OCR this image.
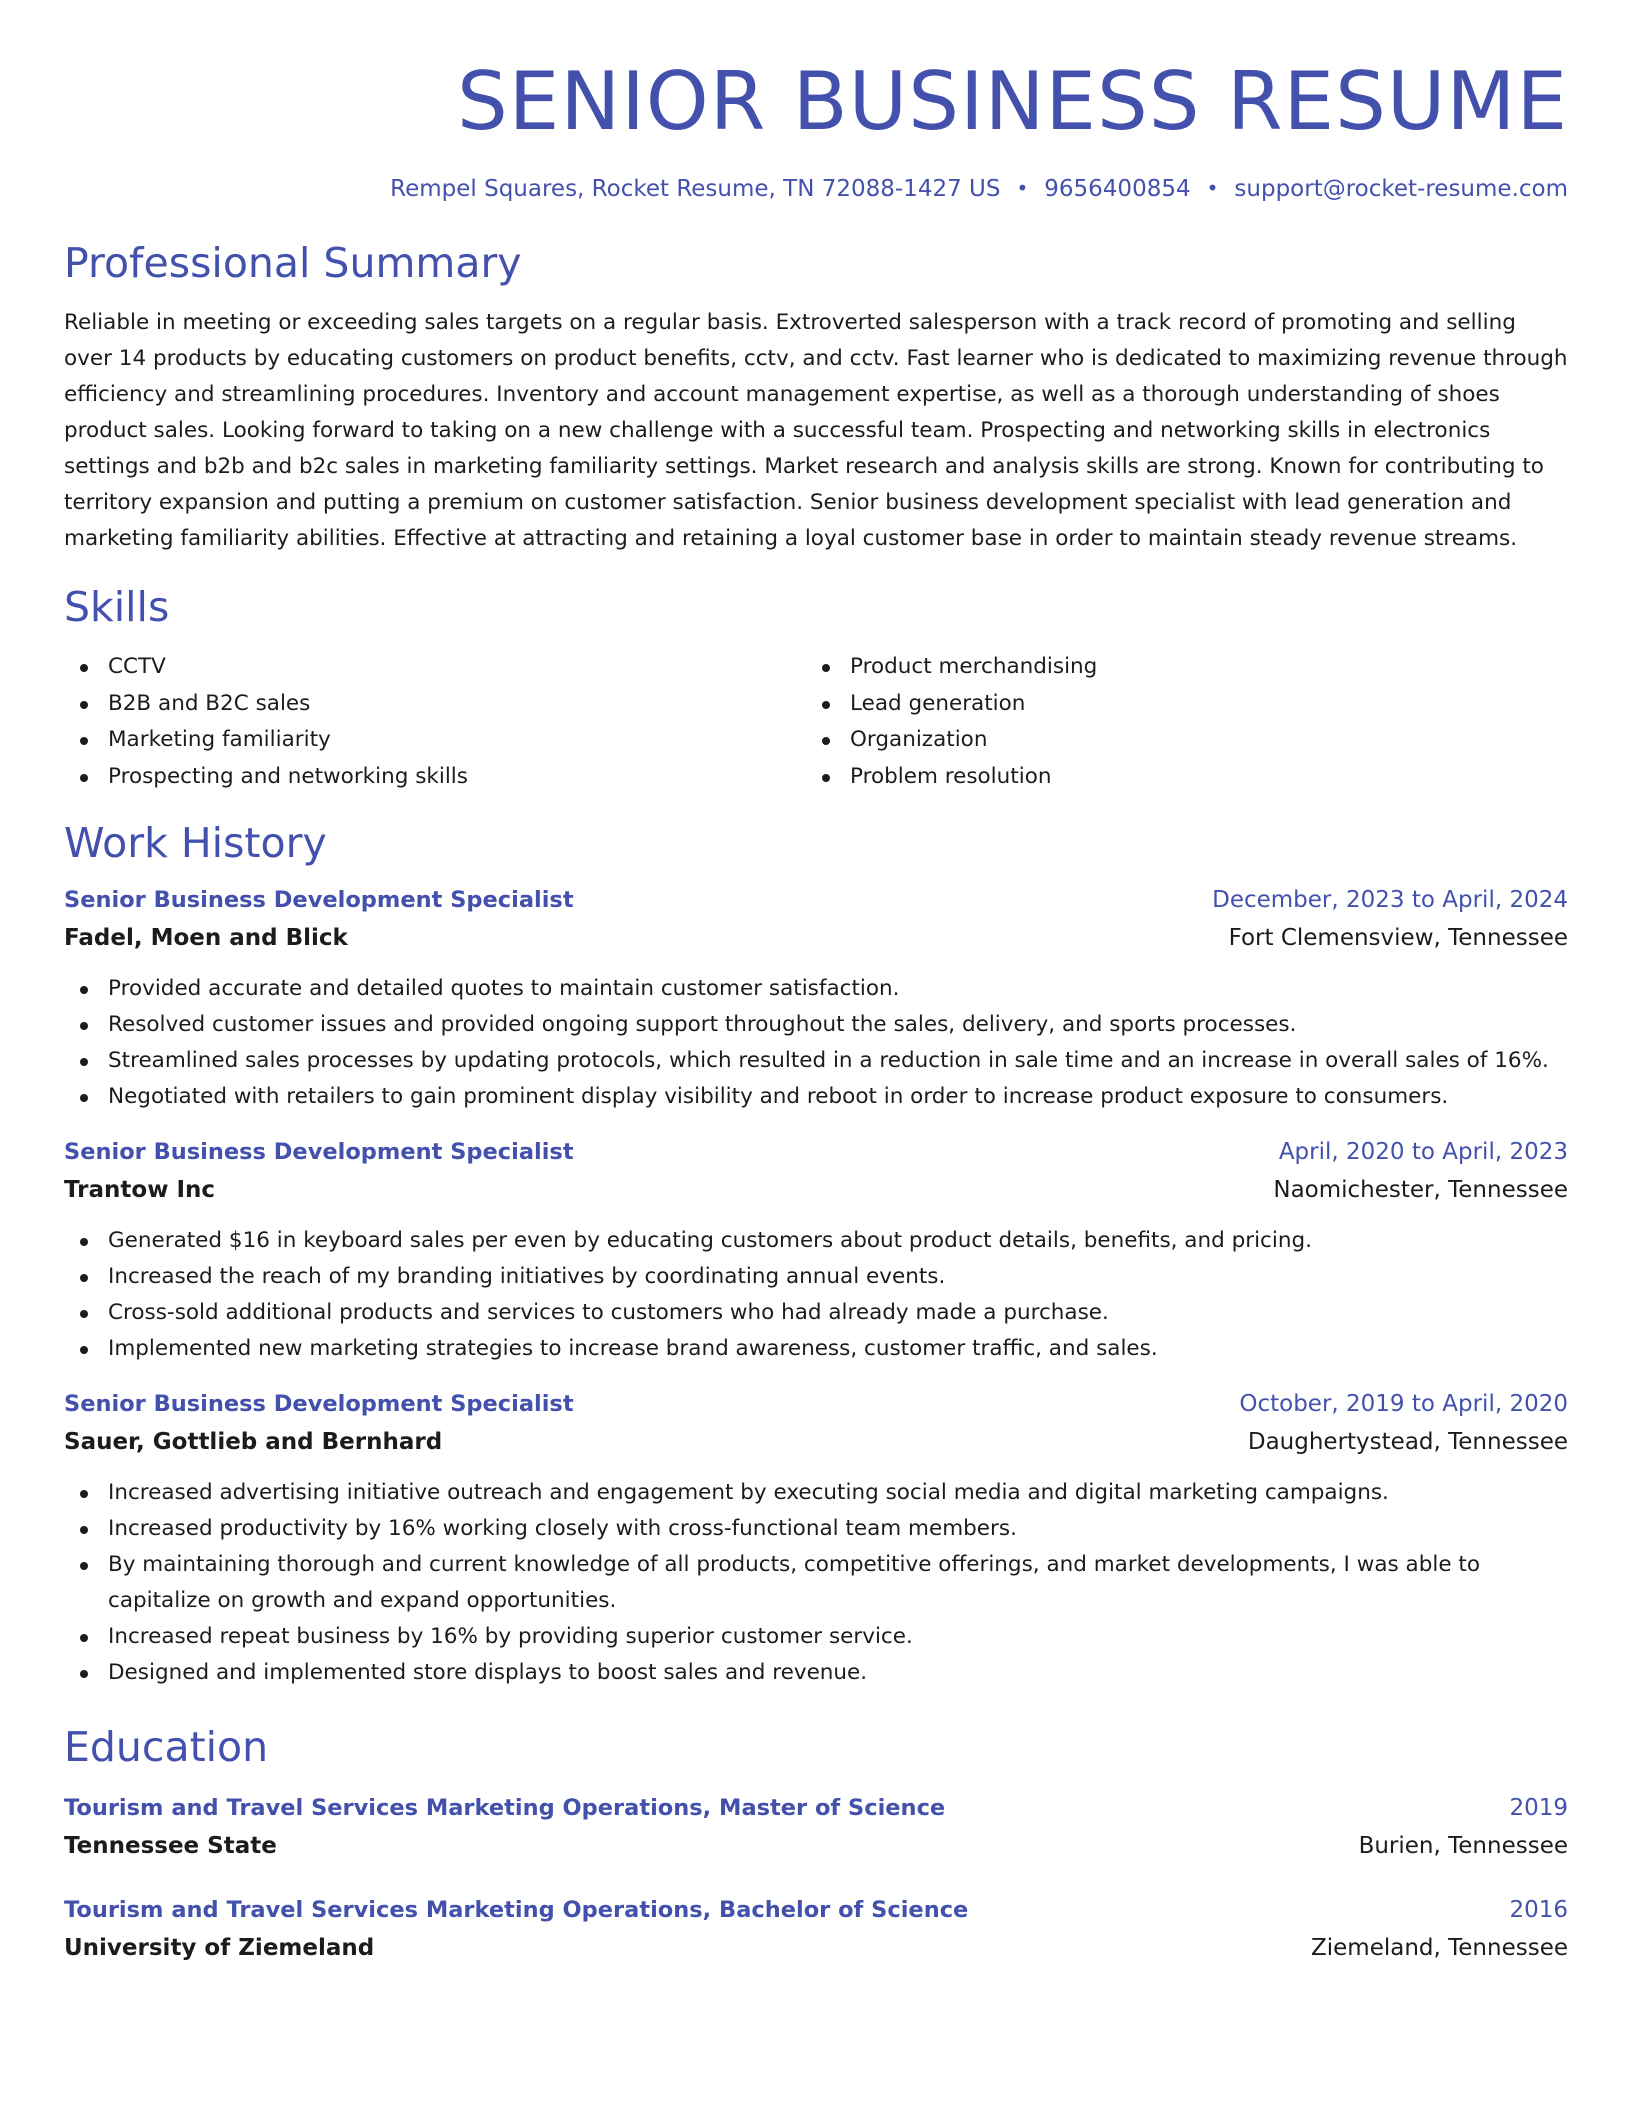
SENIOR BUSINESS RESUME
Rempel Squares, Rocket Resume, TN 72088-1427 US • 9656400854 • support@rocket-resume.com
Professional Summary

Reliable in meeting or exceeding sales targets on a regular basis. Extroverted salesperson with a track record of promoting and selling over 14 products by educating customers on product benefits, cctv, and cctv. Fast learner who is dedicated to maximizing revenue through efficiency and streamlining procedures. Inventory and account management expertise, as well as a thorough understanding of shoes product sales. Looking forward to taking on a new challenge with a successful team. Prospecting and networking skills in electronics settings and b2b and b2c sales in marketing familiarity settings. Market research and analysis skills are strong. Known for contributing to territory expansion and putting a premium on customer satisfaction. Senior business development specialist with lead generation and marketing familiarity abilities. Effective at attracting and retaining a loyal customer base in order to maintain steady revenue streams.

Skills
CCTV
B2B and B2C sales
Marketing familiarity
Prospecting and networking skills
Product merchandising
Lead generation
Organization
Problem resolution
Work History
Senior Business Development Specialist	December, 2023 to April, 2024
Fadel, Moen and Blick	Fort Clemensview, Tennessee
Provided accurate and detailed quotes to maintain customer satisfaction.
Resolved customer issues and provided ongoing support throughout the sales, delivery, and sports processes.
Streamlined sales processes by updating protocols, which resulted in a reduction in sale time and an increase in overall sales of 16%.
Negotiated with retailers to gain prominent display visibility and reboot in order to increase product exposure to consumers.
Senior Business Development Specialist	April, 2020 to April, 2023
Trantow Inc	Naomichester, Tennessee
Generated $16 in keyboard sales per even by educating customers about product details, benefits, and pricing.
Increased the reach of my branding initiatives by coordinating annual events.
Cross-sold additional products and services to customers who had already made a purchase.
Implemented new marketing strategies to increase brand awareness, customer traffic, and sales.
Senior Business Development Specialist	October, 2019 to April, 2020
Sauer, Gottlieb and Bernhard	Daughertystead, Tennessee
Increased advertising initiative outreach and engagement by executing social media and digital marketing campaigns.
Increased productivity by 16% working closely with cross-functional team members.
By maintaining thorough and current knowledge of all products, competitive offerings, and market developments, I was able to capitalize on growth and expand opportunities.
Increased repeat business by 16% by providing superior customer service.
Designed and implemented store displays to boost sales and revenue.
Education
Tourism and Travel Services Marketing Operations, Master of Science	2019
Tennessee State	Burien, Tennessee
Tourism and Travel Services Marketing Operations, Bachelor of Science	2016
University of Ziemeland	Ziemeland, Tennessee
